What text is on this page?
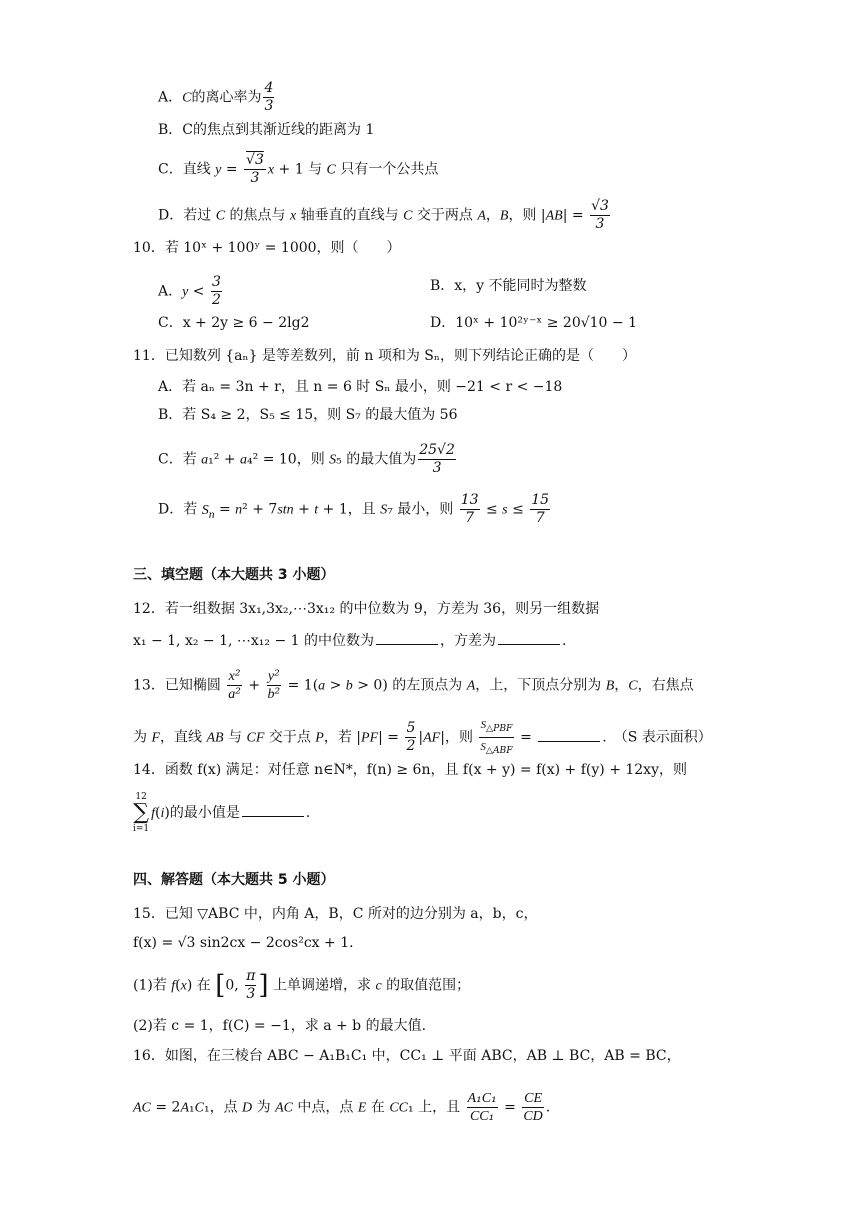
A．C的离心率为 $\frac{4}{3}$
B．C的焦点到其渐近线的距离为 1
C．直线 $y = \frac{√3}{3}$ x + 1 与 C 只有一个公共点
D．若过 C 的焦点与 x 轴垂直的直线与 C 交于两点 A，B，则 $|AB| = \frac{√3}{3}$
10．若 10ˣ + 100ʸ = 1000，则（　　）
A．$y < \frac{3}{2}$	B．x，y 不能同时为整数
C．x + 2y ≥ 6 − 2lg2	D．10ˣ + 10²ʸ⁻ˣ ≥ 20√10 − 1
11．已知数列 {aₙ} 是等差数列，前 n 项和为 Sₙ，则下列结论正确的是（　　）
A．若 aₙ = 3n + r，且 n = 6 时 Sₙ 最小，则 −21 < r < −18
B．若 S₄ ≥ 2，S₅ ≤ 15，则 S₇ 的最大值为 56
C．若 a₁² + a₄² = 10，则 S₅ 的最大值为 $\frac{25√2}{3}$
D．若 $S_n = n^2 + 7stn + t + 1$，且 S₇ 最小，则 $\frac{13}{7} \le s \le \frac{15}{7}$
三、填空题（本大题共 3 小题）
12．若一组数据 3x₁,3x₂,⋯3x₁₂ 的中位数为 9，方差为 36，则另一组数据
x₁ − 1, x₂ − 1, ⋯x₁₂ − 1 的中位数为	，方差为	.
13．已知椭圆 $\frac{\text{x²}}{\text{a²}} + \frac{\text{y²}}{\text{b²}} = 1(a > b > 0)$ 的左顶点为 A，上，下顶点分别为 B，C，右焦点
为 F，直线 AB 与 CF 交于点 P，若 $|PF| = \frac{5}{2} |AF|$，则 $\frac{S_{\triangle PBF}}{S_{\triangle ABF}}$ =	.　（S 表示面积）
14．函数 f(x) 满足：对任意 n∈N*，f(n) ≥ 6n，且 f(x + y) = f(x) + f(y) + 12xy，则
12
∑
i=1f(i)的最小值是	.
四、解答题（本大题共 5 小题）
15．已知 ▽ABC 中，内角 A，B，C 所对的边分别为 a，b，c，
f(x) = √3 sin2cx − 2cos²cx + 1.
(1)若 f(x) 在 [0, $\frac{\pi}{3}$ ] 上单调递增，求 c 的取值范围；
(2)若 c = 1，f(C) = −1，求 a + b 的最大值.
16．如图，在三棱台 ABC − A₁B₁C₁ 中，CC₁ ⊥ 平面 ABC，AB ⊥ BC，AB = BC，
AC = 2A₁C₁，点 D 为 AC 中点，点 E 在 CC₁ 上，且 $\frac{\text{A₁C₁}}{\text{CC₁}} = \frac{CE}{CD}$ .
